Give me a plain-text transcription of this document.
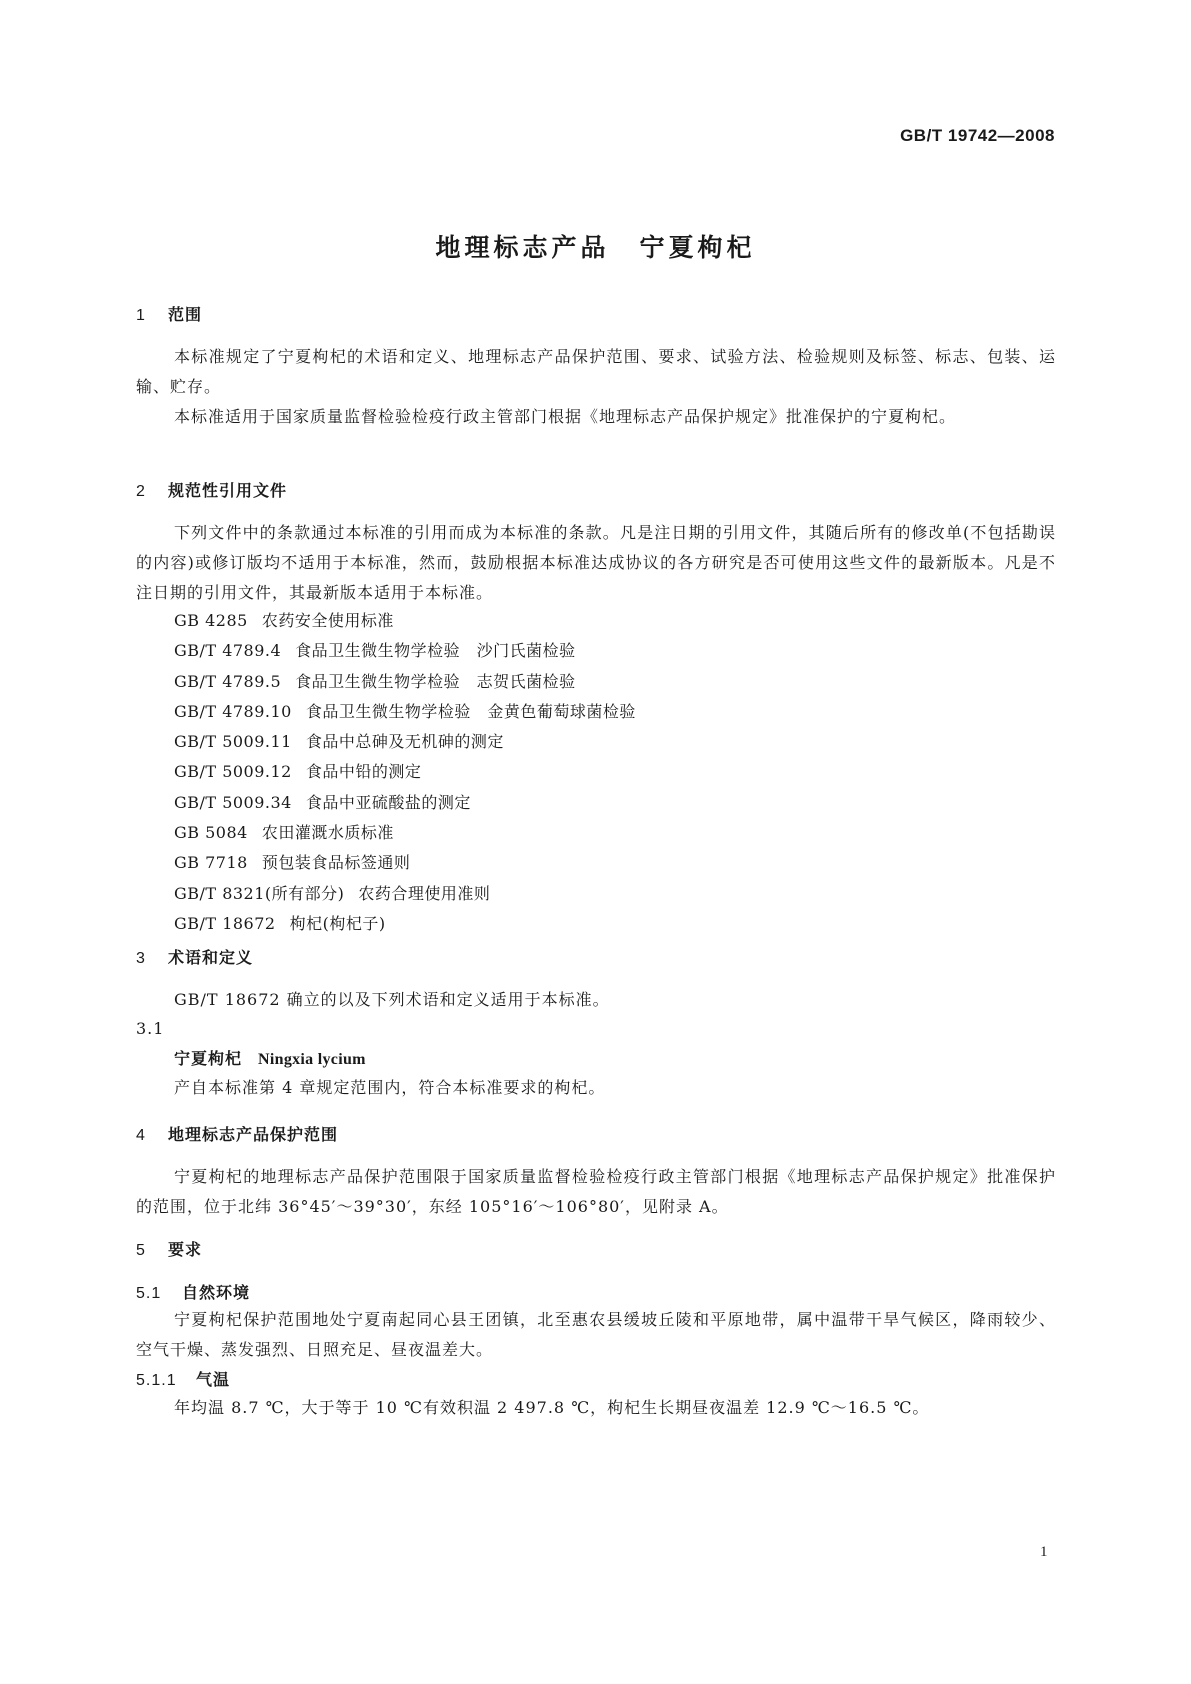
GB/T 19742—2008
地理标志产品 宁夏枸杞
1 范围

本标准规定了宁夏枸杞的术语和定义、地理标志产品保护范围、要求、试验方法、检验规则及标签、标志、包装、运输、贮存。

本标准适用于国家质量监督检验检疫行政主管部门根据《地理标志产品保护规定》批准保护的宁夏枸杞。

2 规范性引用文件

下列文件中的条款通过本标准的引用而成为本标准的条款。凡是注日期的引用文件，其随后所有的修改单(不包括勘误的内容)或修订版均不适用于本标准，然而，鼓励根据本标准达成协议的各方研究是否可使用这些文件的最新版本。凡是不注日期的引用文件，其最新版本适用于本标准。

GB 4285 农药安全使用标准
GB/T 4789.4 食品卫生微生物学检验　沙门氏菌检验
GB/T 4789.5 食品卫生微生物学检验　志贺氏菌检验
GB/T 4789.10 食品卫生微生物学检验　金黄色葡萄球菌检验
GB/T 5009.11 食品中总砷及无机砷的测定
GB/T 5009.12 食品中铅的测定
GB/T 5009.34 食品中亚硫酸盐的测定
GB 5084 农田灌溉水质标准
GB 7718 预包装食品标签通则
GB/T 8321(所有部分) 农药合理使用准则
GB/T 18672 枸杞(枸杞子)
3 术语和定义

GB/T 18672 确立的以及下列术语和定义适用于本标准。

3.1
宁夏枸杞 Ningxia lycium
产自本标准第 4 章规定范围内，符合本标准要求的枸杞。
4 地理标志产品保护范围

宁夏枸杞的地理标志产品保护范围限于国家质量监督检验检疫行政主管部门根据《地理标志产品保护规定》批准保护的范围，位于北纬 36°45′～39°30′，东经 105°16′～106°80′，见附录 A。

5 要求
5.1 自然环境

宁夏枸杞保护范围地处宁夏南起同心县王团镇，北至惠农县缓坡丘陵和平原地带，属中温带干旱气候区，降雨较少、空气干燥、蒸发强烈、日照充足、昼夜温差大。

5.1.1 气温

年均温 8.7 ℃，大于等于 10 ℃有效积温 2 497.8 ℃，枸杞生长期昼夜温差 12.9 ℃～16.5 ℃。

1
